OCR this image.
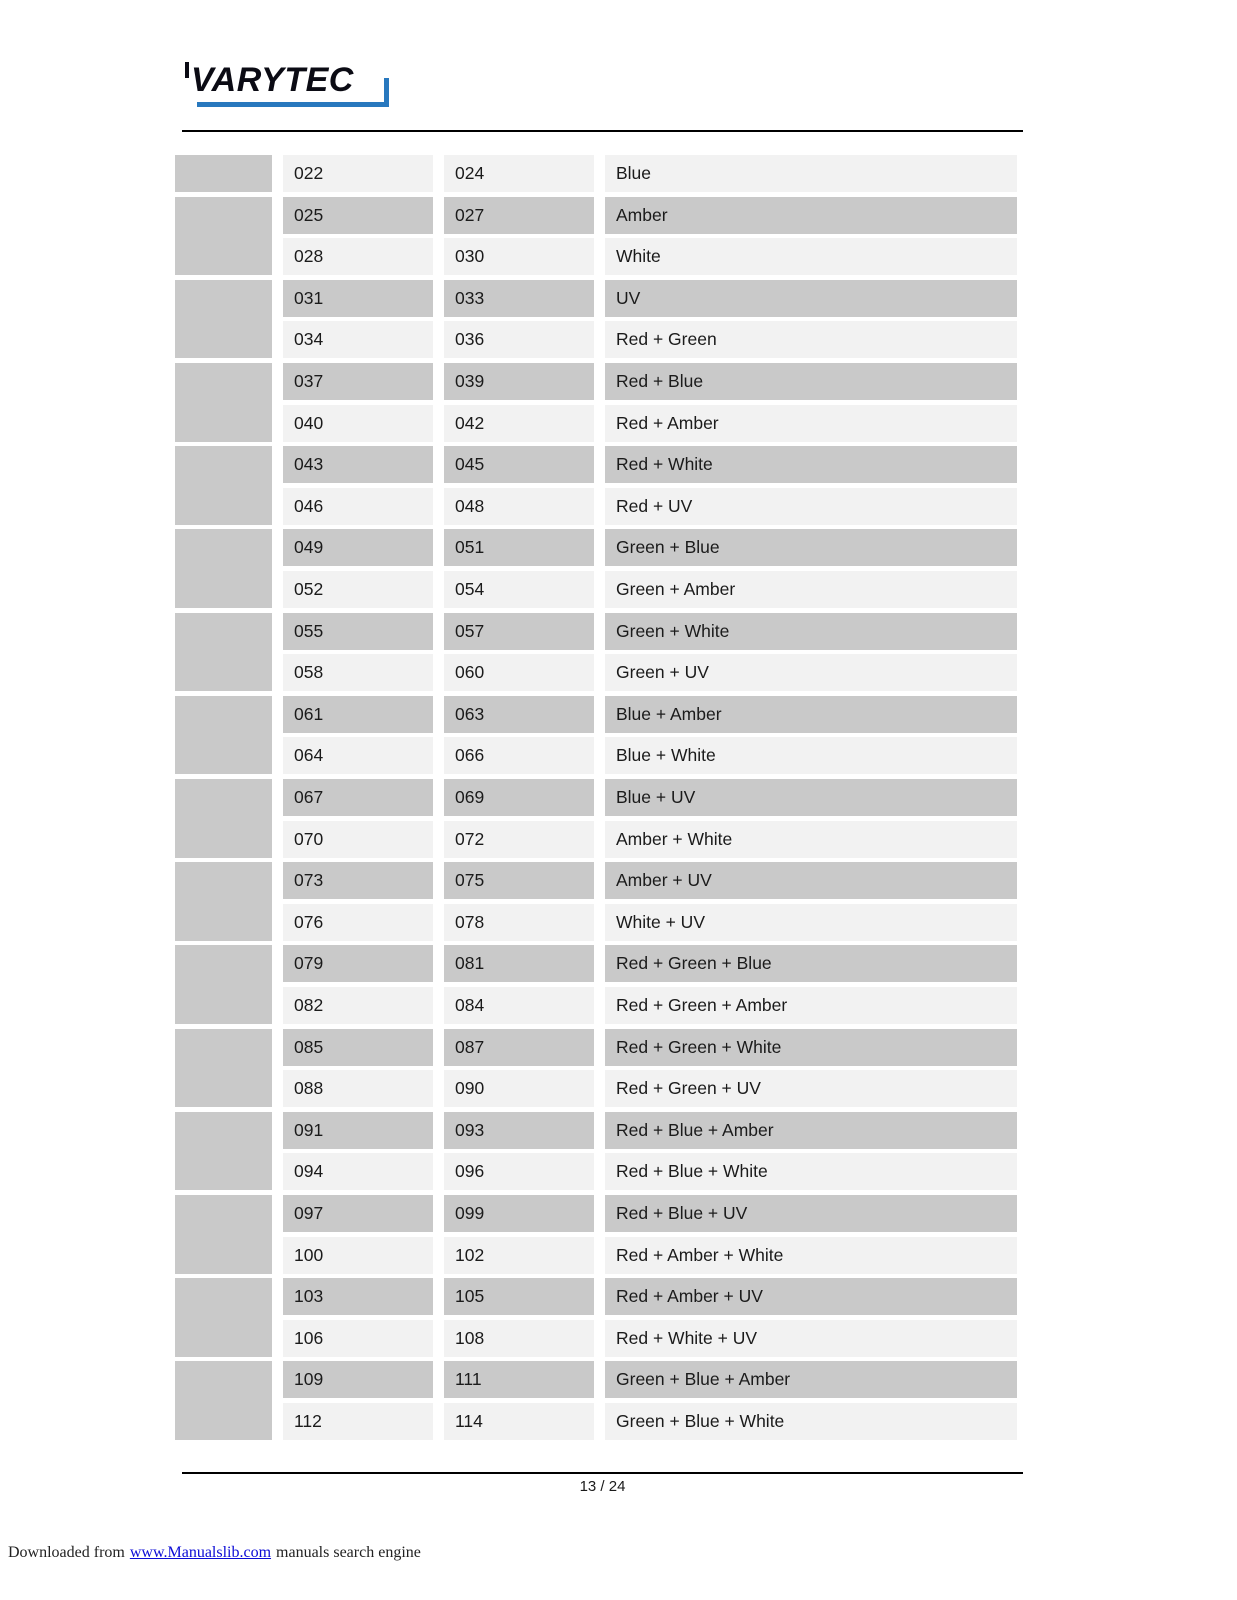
VARYTEC
022	024	Blue
025	027	Amber
028	030	White
031	033	UV
034	036	Red + Green
037	039	Red + Blue
040	042	Red + Amber
043	045	Red + White
046	048	Red + UV
049	051	Green + Blue
052	054	Green + Amber
055	057	Green + White
058	060	Green + UV
061	063	Blue + Amber
064	066	Blue + White
067	069	Blue + UV
070	072	Amber + White
073	075	Amber + UV
076	078	White + UV
079	081	Red + Green + Blue
082	084	Red + Green + Amber
085	087	Red + Green + White
088	090	Red + Green + UV
091	093	Red + Blue + Amber
094	096	Red + Blue + White
097	099	Red + Blue + UV
100	102	Red + Amber + White
103	105	Red + Amber + UV
106	108	Red + White + UV
109	111	Green + Blue + Amber
112	114	Green + Blue + White
13 / 24
Downloaded from www.Manualslib.com manuals search engine
